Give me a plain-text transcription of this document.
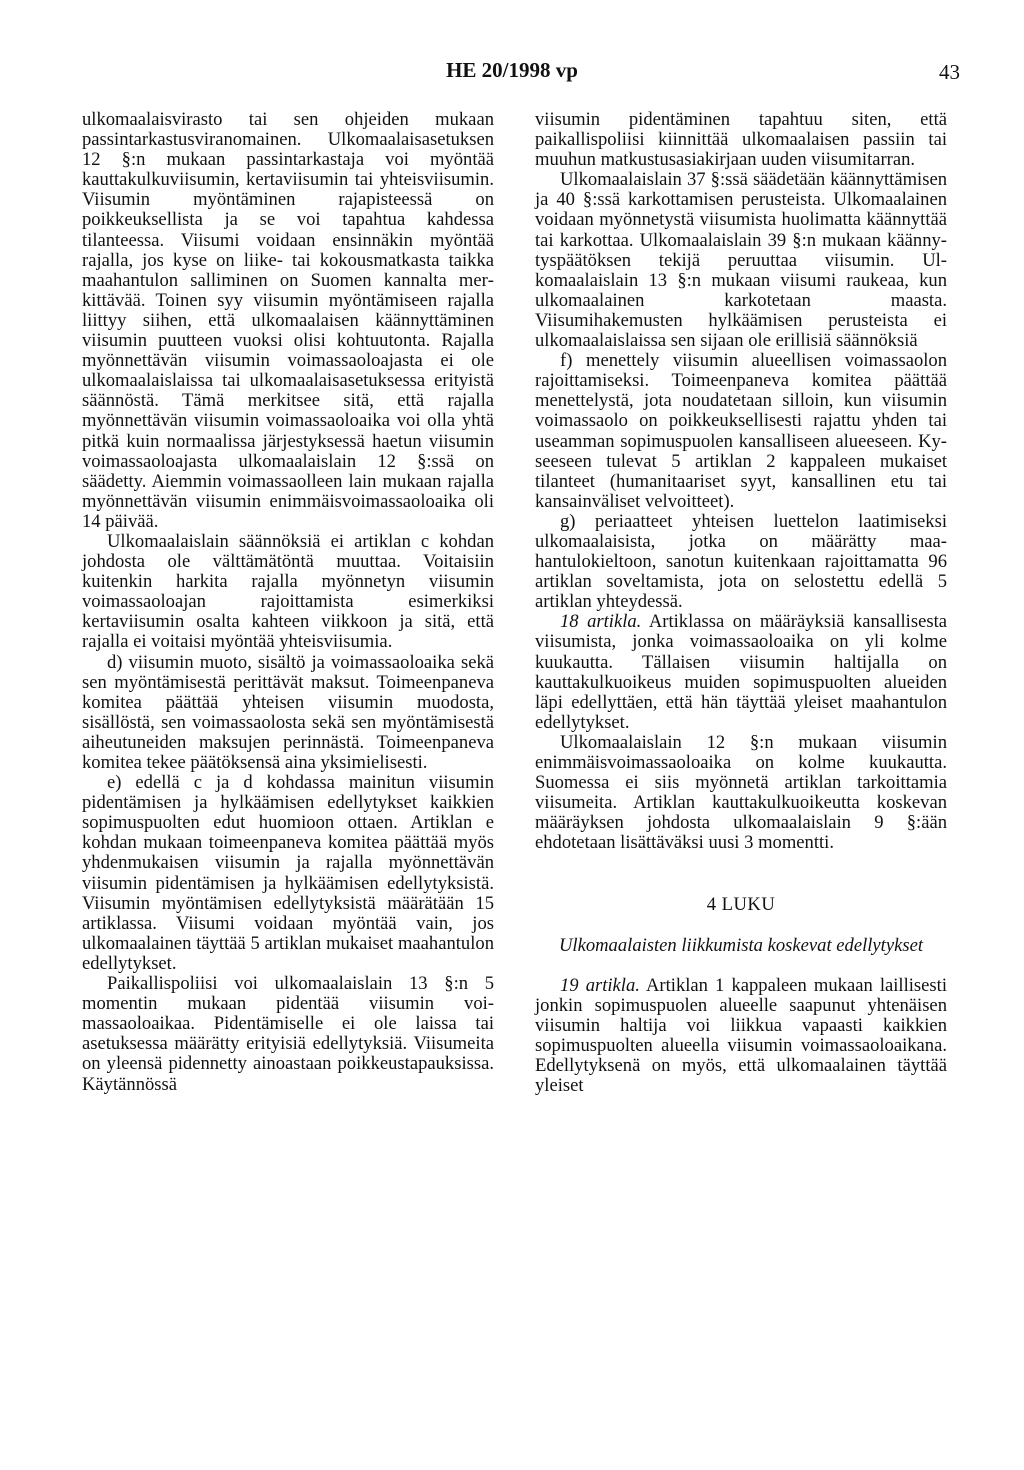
HE 20/1998 vp	43

ulkomaalaisvirasto tai sen ohjeiden mukaan passintarkastusviranomainen. Ulkomaalaisasetuksen 12 §:n mukaan passintarkastaja voi myöntää kauttakulkuviisumin, kertaviisumin tai yhteisviisumin. Viisumin myöntäminen rajapisteessä on poikkeuksellista ja se voi tapahtua kahdessa tilanteessa. Viisumi voidaan ensinnäkin myöntää rajalla, jos kyse on liike- tai kokousmatkasta taikka maahantulon salliminen on Suomen kannalta merkittävää. Toinen syy viisumin myöntämiseen rajalla liittyy siihen, että ulkomaalaisen käännyttäminen viisumin puutteen vuoksi olisi kohtuutonta. Rajalla myönnettävän viisumin voimassaoloajasta ei ole ulkomaalaislaissa tai ulkomaalaisasetuksessa erityistä säännöstä. Tämä merkitsee sitä, että rajalla myönnettävän viisumin voimassaoloaika voi olla yhtä pitkä kuin normaalissa järjestyksessä haetun viisumin voimassaoloajasta ulkomaalaislain 12 §:ssä on säädetty. Aiemmin voimassaolleen lain mukaan rajalla myönnettävän viisumin enimmäisvoimassaoloaika oli 14 päivää.

Ulkomaalaislain säännöksiä ei artiklan c kohdan johdosta ole välttämätöntä muuttaa. Voitaisiin kuitenkin harkita rajalla myönnetyn viisumin voimassaoloajan rajoittamista esimerkiksi kertaviisumin osalta kahteen viikkoon ja sitä, että rajalla ei voitaisi myöntää yhteisviisumia.

d) viisumin muoto, sisältö ja voimassaoloaika sekä sen myöntämisestä perittävät maksut. Toimeenpaneva komitea päättää yhteisen viisumin muodosta, sisällöstä, sen voimassaolosta sekä sen myöntämisestä aiheutuneiden maksujen perinnästä. Toimeenpaneva komitea tekee päätöksensä aina yksimielisesti.

e) edellä c ja d kohdassa mainitun viisumin pidentämisen ja hylkäämisen edellytykset kaikkien sopimuspuolten edut huomioon ottaen. Artiklan e kohdan mukaan toimeenpaneva komitea päättää myös yhdenmukaisen viisumin ja rajalla myönnettävän viisumin pidentämisen ja hylkäämisen edellytyksistä. Viisumin myöntämisen edellytyksistä määrätään 15 artiklassa. Viisumi voidaan myöntää vain, jos ulkomaalainen täyttää 5 artiklan mukaiset maahantulon edellytykset.

Paikallispoliisi voi ulkomaalaislain 13 §:n 5 momentin mukaan pidentää viisumin voimassaoloaikaa. Pidentämiselle ei ole laissa tai asetuksessa määrätty erityisiä edellytyksiä. Viisumeita on yleensä pidennetty ainoastaan poikkeustapauksissa. Käytännössä

viisumin pidentäminen tapahtuu siten, että paikallispoliisi kiinnittää ulkomaalaisen passiin tai muuhun matkustusasiakirjaan uuden viisumitarran.

Ulkomaalaislain 37 §:ssä säädetään käännyttämisen ja 40 §:ssä karkottamisen perusteista. Ulkomaalainen voidaan myönnetystä viisumista huolimatta käännyttää tai karkottaa. Ulkomaalaislain 39 §:n mukaan käännytyspäätöksen tekijä peruuttaa viisumin. Ulkomaalaislain 13 §:n mukaan viisumi raukeaa, kun ulkomaalainen karkotetaan maasta. Viisumihakemusten hylkäämisen perusteista ei ulkomaalaislaissa sen sijaan ole erillisiä säännöksiä

f) menettely viisumin alueellisen voimassaolon rajoittamiseksi. Toimeenpaneva komitea päättää menettelystä, jota noudatetaan silloin, kun viisumin voimassaolo on poikkeuksellisesti rajattu yhden tai useamman sopimuspuolen kansalliseen alueeseen. Kyseeseen tulevat 5 artiklan 2 kappaleen mukaiset tilanteet (humanitaariset syyt, kansallinen etu tai kansainväliset velvoitteet).

g) periaatteet yhteisen luettelon laatimiseksi ulkomaalaisista, jotka on määrätty maahantulokieltoon, sanotun kuitenkaan rajoittamatta 96 artiklan soveltamista, jota on selostettu edellä 5 artiklan yhteydessä.

18 artikla. Artiklassa on määräyksiä kansallisesta viisumista, jonka voimassaoloaika on yli kolme kuukautta. Tällaisen viisumin haltijalla on kauttakulkuoikeus muiden sopimuspuolten alueiden läpi edellyttäen, että hän täyttää yleiset maahantulon edellytykset.

Ulkomaalaislain 12 §:n mukaan viisumin enimmäisvoimassaoloaika on kolme kuukautta. Suomessa ei siis myönnetä artiklan tarkoittamia viisumeita. Artiklan kauttakulkuoikeutta koskevan määräyksen johdosta ulkomaalaislain 9 §:ään ehdotetaan lisättäväksi uusi 3 momentti.

4 LUKU
Ulkomaalaisten liikkumista koskevat edellytykset

19 artikla. Artiklan 1 kappaleen mukaan laillisesti jonkin sopimuspuolen alueelle saapunut yhtenäisen viisumin haltija voi liikkua vapaasti kaikkien sopimuspuolten alueella viisumin voimassaoloaikana. Edellytyksenä on myös, että ulkomaalainen täyttää yleiset
